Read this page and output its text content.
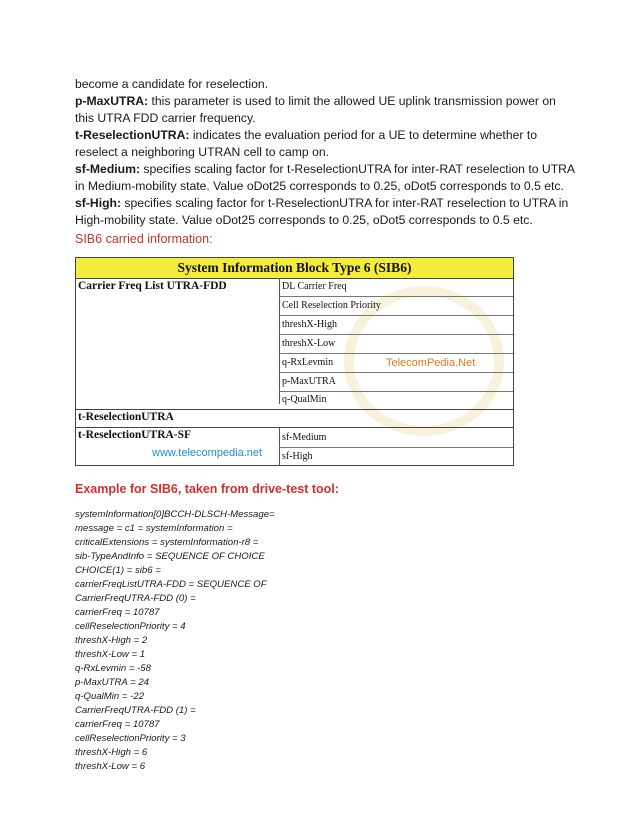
become a candidate for reselection.
p-MaxUTRA: this parameter is used to limit the allowed UE uplink transmission power on this UTRA FDD carrier frequency.
t-ReselectionUTRA: indicates the evaluation period for a UE to determine whether to reselect a neighboring UTRAN cell to camp on.
sf-Medium: specifies scaling factor for t-ReselectionUTRA for inter-RAT reselection to UTRA in Medium-mobility state. Value oDot25 corresponds to 0.25, oDot5 corresponds to 0.5 etc.
sf-High: specifies scaling factor for t-ReselectionUTRA for inter-RAT reselection to UTRA in High-mobility state. Value oDot25 corresponds to 0.25, oDot5 corresponds to 0.5 etc.
SIB6 carried information:
System Information Block Type 6 (SIB6)
Carrier Freq List UTRA-FDD	DL Carrier Freq
Cell Reselection Priority
threshX-High
threshX-Low
q-RxLevmin
p-MaxUTRA
q-QualMin
TelecomPedia.Net
t-ReselectionUTRA
t-ReselectionUTRA-SF	sf-Medium
sf-High
www.telecompedia.net
Example for SIB6, taken from drive-test tool:
systemInformation[0]BCCH-DLSCH-Message=
message = c1 = systemInformation =
criticalExtensions = systemInformation-r8 =
sib-TypeAndInfo = SEQUENCE OF CHOICE
CHOICE(1) = sib6 =
carrierFreqListUTRA-FDD = SEQUENCE OF
CarrierFreqUTRA-FDD (0) =
carrierFreq = 10787
cellReselectionPriority = 4
threshX-High = 2
threshX-Low = 1
q-RxLevmin = -58
p-MaxUTRA = 24
q-QualMin = -22
CarrierFreqUTRA-FDD (1) =
carrierFreq = 10787
cellReselectionPriority = 3
threshX-High = 6
threshX-Low = 6
